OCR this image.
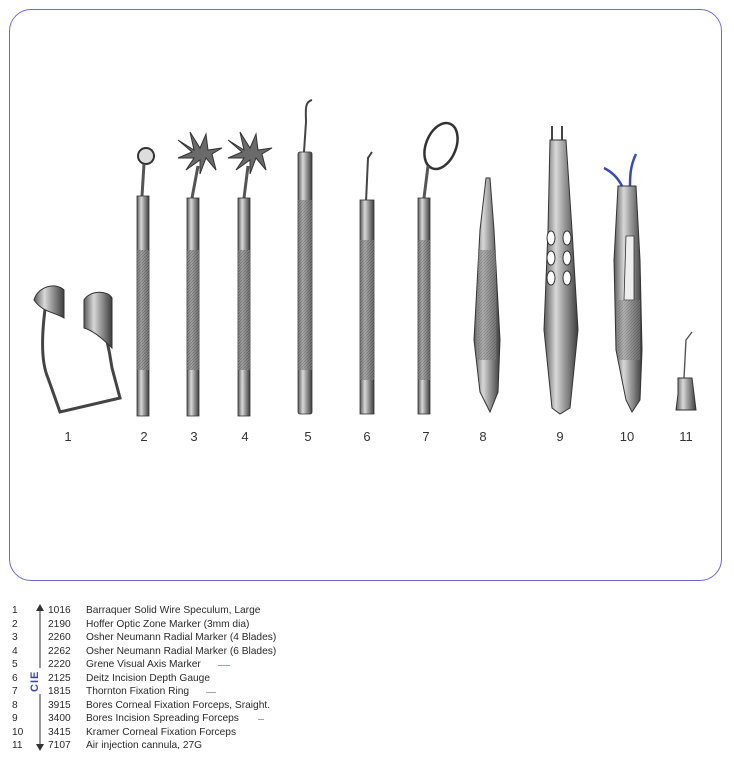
1	2	3	4	5	6	7	8	9	10	11
1	1016 Barraquer Solid Wire Speculum, Large
2	2190 Hoffer Optic Zone Marker (3mm dia)
3	2260 Osher Neumann Radial Marker (4 Blades)
4	2262 Osher Neumann Radial Marker (6 Blades)
5	2220 Grene Visual Axis Marker
6	2125 Deitz Incision Depth Gauge
7	1815 Thornton Fixation Ring
8	3915 Bores Corneal Fixation Forceps, Sraight.
9	3400 Bores Incision Spreading Forceps
10 3415 Kramer Corneal Fixation Forceps
11 7107 Air injection cannula, 27G
CIE
